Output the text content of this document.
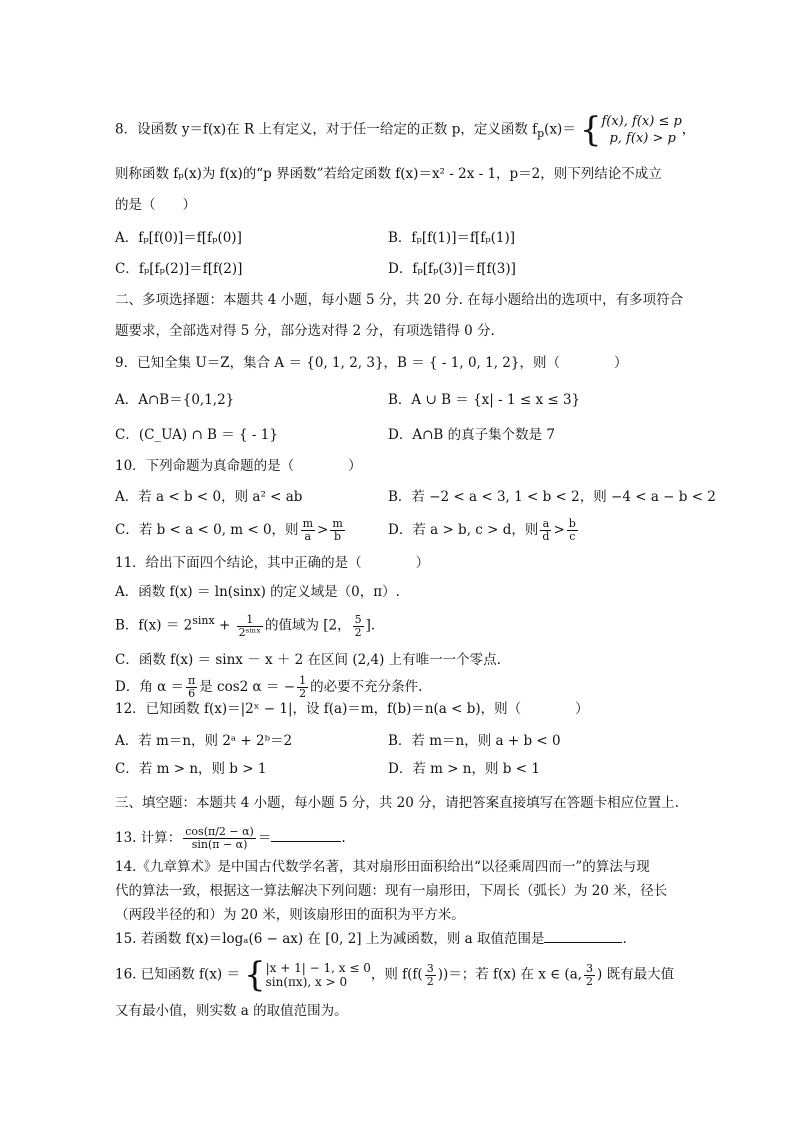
8．设函数 y＝f(x)在 R 上有定义，对于任一给定的正数 p，定义函数 $f_p(x)=$ { f(x), f(x) ≤ p
p, f(x) > p
，
则称函数 fₚ(x)为 f(x)的“p 界函数”若给定函数 f(x)＝x² - 2x - 1，p＝2，则下列结论不成立
的是（　　）
A．fₚ[f(0)]＝f[fₚ(0)]	B．fₚ[f(1)]＝f[fₚ(1)]
C．fₚ[fₚ(2)]＝f[f(2)]	D．fₚ[fₚ(3)]＝f[f(3)]
二、多项选择题：本题共 4 小题，每小题 5 分，共 20 分. 在每小题给出的选项中，有多项符合
题要求，全部选对得 5 分，部分选对得 2 分，有项选错得 0 分.
9．已知全集 U＝Z，集合 A ＝ {0, 1, 2, 3}，B ＝ { - 1, 0, 1, 2}，则（　　　　）
A．A∩B＝{0,1,2}	B．A ∪ B ＝ {x| - 1 ≤ x ≤ 3}
C．(C_UA) ∩ B ＝ { - 1}	D．A∩B 的真子集个数是 7
10．下列命题为真命题的是（　　　　）
A．若 a < b < 0，则 a² < ab	B．若 −2 < a < 3, 1 < b < 2，则 −4 < a − b < 2
C．若 b < a < 0, m < 0，则 $\frac{m}{a} > \frac{m}{b}$	D．若 a > b, c > d，则 $\frac{a}{d} > \frac{b}{c}$
11．给出下面四个结论，其中正确的是（　　　　）
A．函数 f(x) ＝ ln(sinx) 的定义域是（0，π）.
B．$f(x) = 2^{sinx} + \frac{1}{\text{2ˢⁱⁿˣ}}$ 的值域为 [2， $\frac{5}{2}$ ].
C．函数 f(x) ＝ sinx － x ＋ 2 在区间 (2,4) 上有唯一一个零点.
D．角 $\alpha = \frac{\pi}{6}$ 是 cos2 α ＝ − $\frac{1}{2}$ 的必要不充分条件.
12．已知函数 f(x)＝|2ˣ − 1|，设 f(a)＝m，f(b)＝n(a < b)，则（　　　　）
A．若 m＝n，则 2ᵃ + 2ᵇ＝2	B．若 m＝n，则 a + b < 0
C．若 m > n，则 b > 1	D．若 m > n，则 b < 1
三、填空题：本题共 4 小题，每小题 5 分，共 20 分，请把答案直接填写在答题卡相应位置上.
13. 计算： $\frac{\cos(\pi/2 - \alpha)}{\sin(\pi - \alpha)}$ ＝	.
14.《九章算术》是中国古代数学名著，其对扇形田面积给出“以径乘周四而一”的算法与现
代的算法一致，根据这一算法解决下列问题：现有一扇形田，下周长（弧长）为 20 米，径长
（两段半径的和）为 20 米，则该扇形田的面积为平方米。
15. 若函数 f(x)＝logₐ(6 − ax) 在 [0, 2] 上为减函数，则 a 取值范围是	.
16. 已知函数 f(x) ＝ { |x + 1| − 1, x ≤ 0
sin(πx), x > 0	，则 $f(f( \frac{3}{2}$ ))＝；若 f(x) 在 x ∈ (a, $\frac{3}{2}$ ) 既有最大值
又有最小值，则实数 a 的取值范围为。
